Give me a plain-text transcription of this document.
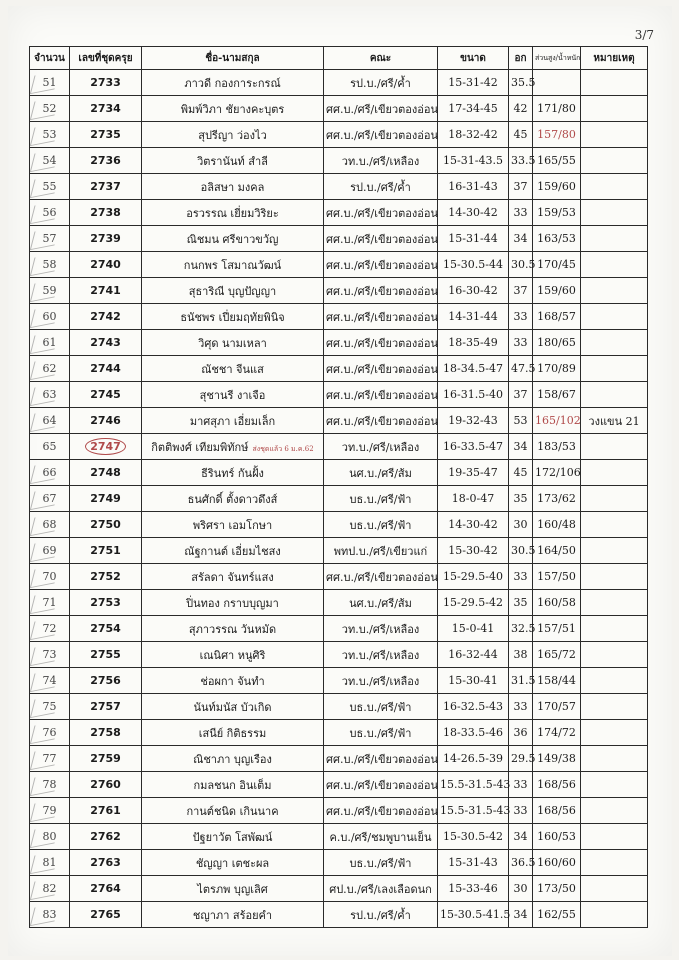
3/7
จำนวน	เลขที่ชุดครุย	ชื่อ-นามสกุล	คณะ	ขนาด	อก	ส่วนสูง/น้ำหนัก	หมายเหตุ
51	2733	ภาวดี กองการะกรณ์	รป.บ./ศรี/ค้ำ	15-31-42	35.5		
52	2734	พิมพ์วิภา ชัยางคะบุตร	ศศ.บ./ศรี/เขียวตองอ่อน	17-34-45	42	171/80	
53	2735	สุปรีญา ว่องไว	ศศ.บ./ศรี/เขียวตองอ่อน	18-32-42	45	157/80	
54	2736	วิตรานันท์ สำลี	วท.บ./ศรี/เหลือง	15-31-43.5	33.5	165/55	
55	2737	อลิสษา มงคล	รป.บ./ศรี/ค้ำ	16-31-43	37	159/60	
56	2738	อรวรรณ เยี่ยมวิริยะ	ศศ.บ./ศรี/เขียวตองอ่อน	14-30-42	33	159/53	
57	2739	ณิชมน ศรีขาวขวัญ	ศศ.บ./ศรี/เขียวตองอ่อน	15-31-44	34	163/53	
58	2740	กนกพร โสมาณวัฒน์	ศศ.บ./ศรี/เขียวตองอ่อน	15-30.5-44	30.5	170/45	
59	2741	สุธาริณี บุญปัญญา	ศศ.บ./ศรี/เขียวตองอ่อน	16-30-42	37	159/60	
60	2742	ธนัชพร เปี่ยมฤทัยพินิจ	ศศ.บ./ศรี/เขียวตองอ่อน	14-31-44	33	168/57	
61	2743	วิศุด นามเหลา	ศศ.บ./ศรี/เขียวตองอ่อน	18-35-49	33	180/65	
62	2744	ณัชชา จีนแส	ศศ.บ./ศรี/เขียวตองอ่อน	18-34.5-47	47.5	170/89	
63	2745	สุชานรี งาเจือ	ศศ.บ./ศรี/เขียวตองอ่อน	16-31.5-40	37	158/67	
64	2746	มาศสุภา เอี่ยมเล็ก	ศศ.บ./ศรี/เขียวตองอ่อน	19-32-43	53	165/102	วงแขน 21
65	2747	กิตติพงศ์ เทียมพิทักษ์ ส่งชุดแล้ว 6 ม.ค.62	วท.บ./ศรี/เหลือง	16-33.5-47	34	183/53	
66	2748	ธีรินทร์ กันฝั้ง	นศ.บ./ศรี/ส้ม	19-35-47	45	172/106	
67	2749	ธนศักดิ์ ตั้งดาวดึงส์	บธ.บ./ศรี/ฟ้า	18-0-47	35	173/62	
68	2750	พริศรา เอมโกษา	บธ.บ./ศรี/ฟ้า	14-30-42	30	160/48	
69	2751	ณัฐกานต์ เอี่ยมไชสง	พทป.บ./ศรี/เขียวแก่	15-30-42	30.5	164/50	
70	2752	สรัลดา จันทร์แสง	ศศ.บ./ศรี/เขียวตองอ่อน	15-29.5-40	33	157/50	
71	2753	ปิ่นทอง กราบบุญมา	นศ.บ./ศรี/ส้ม	15-29.5-42	35	160/58	
72	2754	สุภาวรรณ วันหมัด	วท.บ./ศรี/เหลือง	15-0-41	32.5	157/51	
73	2755	เณนิศา หนูศิริ	วท.บ./ศรี/เหลือง	16-32-44	38	165/72	
74	2756	ช่อผกา จันทำ	วท.บ./ศรี/เหลือง	15-30-41	31.5	158/44	
75	2757	นันท์มนัส บัวเกิด	บธ.บ./ศรี/ฟ้า	16-32.5-43	33	170/57	
76	2758	เสนีย์ กิติธรรม	บธ.บ./ศรี/ฟ้า	18-33.5-46	36	174/72	
77	2759	ณิชาภา บุญเรือง	ศศ.บ./ศรี/เขียวตองอ่อน	14-26.5-39	29.5	149/38	
78	2760	กมลชนก อินเต็ม	ศศ.บ./ศรี/เขียวตองอ่อน	15.5-31.5-43	33	168/56	
79	2761	กานต์ชนิด เกินนาค	ศศ.บ./ศรี/เขียวตองอ่อน	15.5-31.5-43	33	168/56	
80	2762	ปัฐยาวัต โสพัฒน์	ค.บ./ศรี/ชมพูบานเย็น	15-30.5-42	34	160/53	
81	2763	ชัญญา เตชะผล	บธ.บ./ศรี/ฟ้า	15-31-43	36.5	160/60	
82	2764	ไตรภพ บุญเลิศ	ศป.บ./ศรี/เลงเลือดนก	15-33-46	30	173/50	
83	2765	ชญาภา สร้อยคำ	รป.บ./ศรี/ค้ำ	15-30.5-41.5	34	162/55	
